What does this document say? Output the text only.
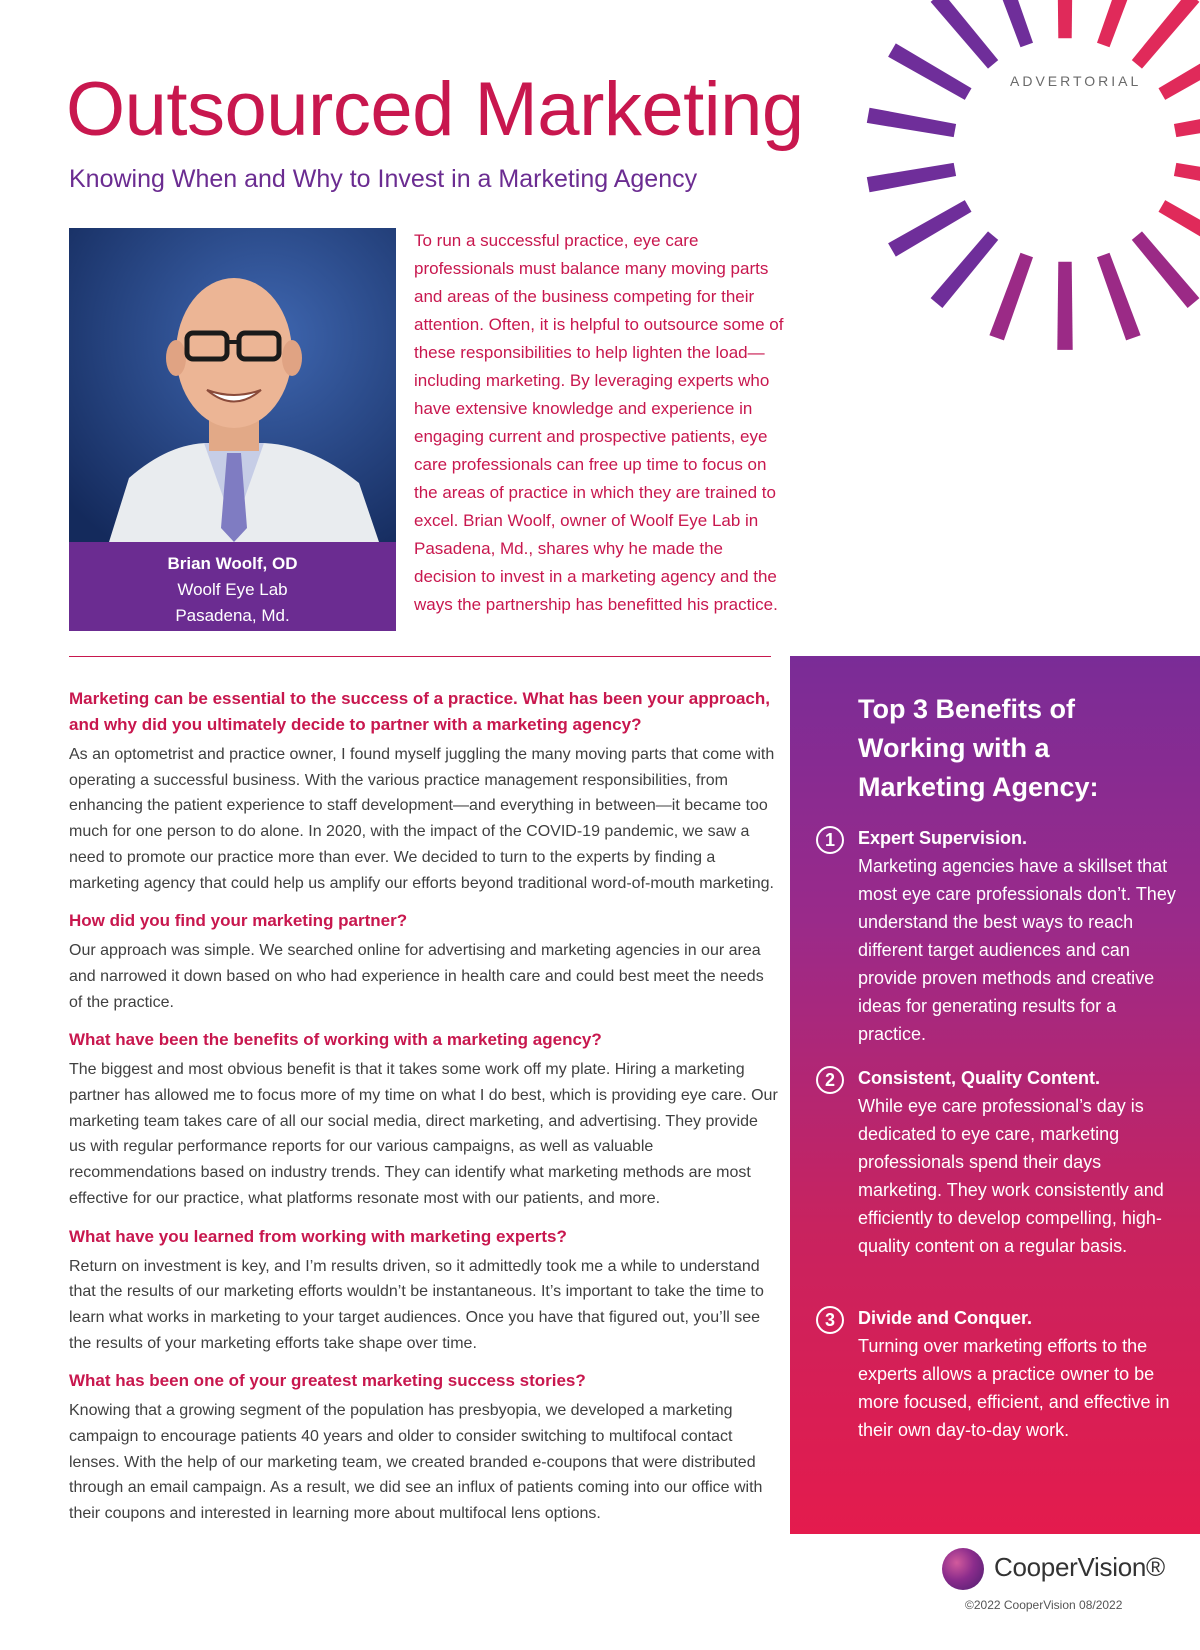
ADVERTORIAL
Outsourced Marketing
Knowing When and Why to Invest in a Marketing Agency
Brian Woolf, OD
Woolf Eye Lab
Pasadena, Md.

To run a successful practice, eye care professionals must balance many moving parts and areas of the business competing for their attention. Often, it is helpful to outsource some of these responsibilities to help lighten the load—including marketing. By leveraging experts who have extensive knowledge and experience in engaging current and prospective patients, eye care professionals can free up time to focus on the areas of practice in which they are trained to excel. Brian Woolf, owner of Woolf Eye Lab in Pasadena, Md., shares why he made the decision to invest in a marketing agency and the ways the partnership has benefitted his practice.

Marketing can be essential to the success of a practice. What has been your approach, and why did you ultimately decide to partner with a marketing agency?

As an optometrist and practice owner, I found myself juggling the many moving parts that come with operating a successful business. With the various practice management responsibilities, from enhancing the patient experience to staff development—and everything in between—it became too much for one person to do alone. In 2020, with the impact of the COVID-19 pandemic, we saw a need to promote our practice more than ever. We decided to turn to the experts by finding a marketing agency that could help us amplify our efforts beyond traditional word-of-mouth marketing.

How did you find your marketing partner?

Our approach was simple. We searched online for advertising and marketing agencies in our area and narrowed it down based on who had experience in health care and could best meet the needs of the practice.

What have been the benefits of working with a marketing agency?

The biggest and most obvious benefit is that it takes some work off my plate. Hiring a marketing partner has allowed me to focus more of my time on what I do best, which is providing eye care. Our marketing team takes care of all our social media, direct marketing, and advertising. They provide us with regular performance reports for our various campaigns, as well as valuable recommendations based on industry trends. They can identify what marketing methods are most effective for our practice, what platforms resonate most with our patients, and more.

What have you learned from working with marketing experts?

Return on investment is key, and I’m results driven, so it admittedly took me a while to understand that the results of our marketing efforts wouldn’t be instantaneous. It’s important to take the time to learn what works in marketing to your target audiences. Once you have that figured out, you’ll see the results of your marketing efforts take shape over time.

What has been one of your greatest marketing success stories?

Knowing that a growing segment of the population has presbyopia, we developed a marketing campaign to encourage patients 40 years and older to consider switching to multifocal contact lenses. With the help of our marketing team, we created branded e-coupons that were distributed through an email campaign. As a result, we did see an influx of patients coming into our office with their coupons and interested in learning more about multifocal lens options.

Top 3 Benefits of Working with a Marketing Agency:
1	Expert Supervision.
Marketing agencies have a skillset that most eye care professionals don’t. They understand the best ways to reach different target audiences and can provide proven methods and creative ideas for generating results for a practice.
2	Consistent, Quality Content.
While eye care professional’s day is dedicated to eye care, marketing professionals spend their days marketing. They work consistently and efficiently to develop compelling, high-quality content on a regular basis.
3	Divide and Conquer.
Turning over marketing efforts to the experts allows a practice owner to be more focused, efficient, and effective in their own day-to-day work.
CooperVision®
©2022 CooperVision 08/2022
